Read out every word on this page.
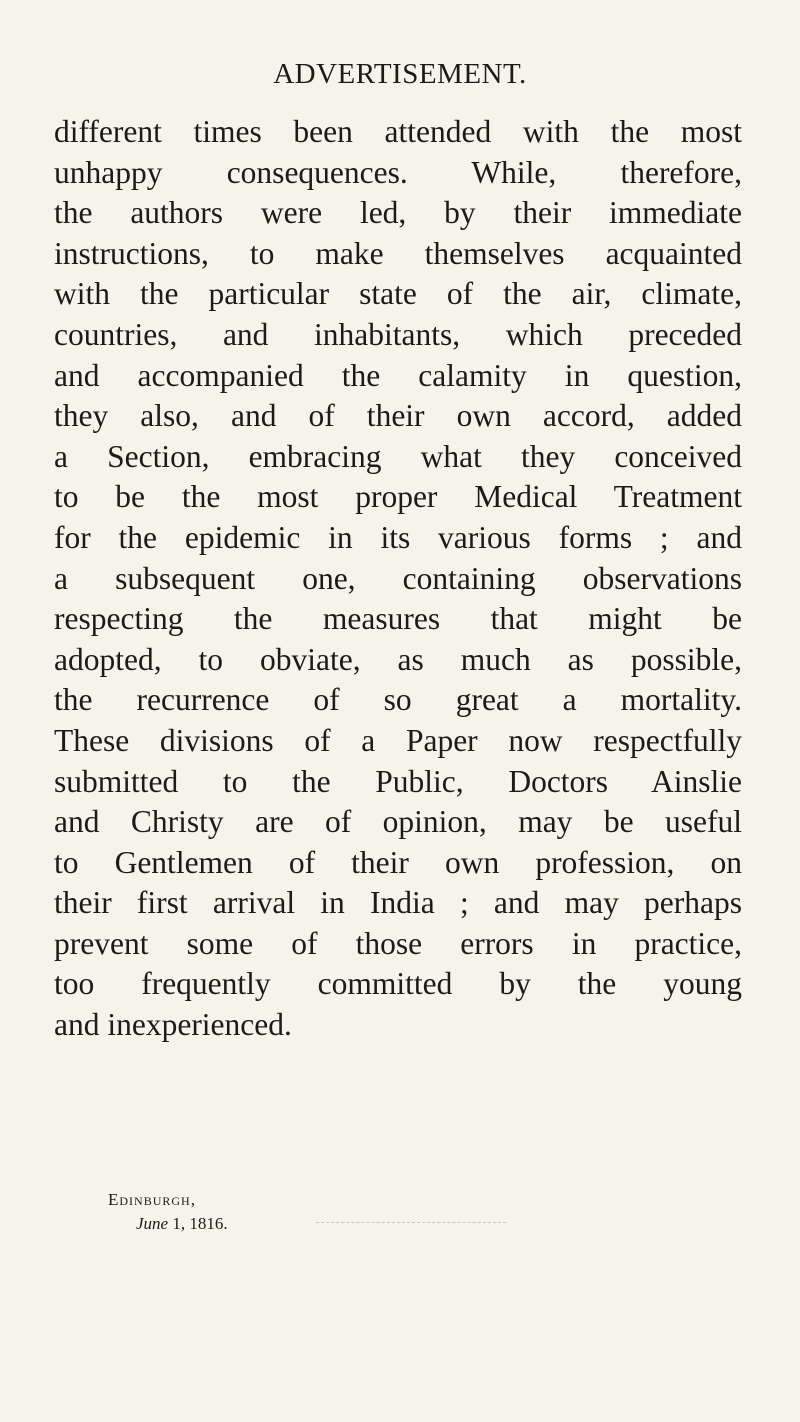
ADVERTISEMENT.
different times been attended with the most
unhappy consequences. While, therefore,
the authors were led, by their immediate
instructions, to make themselves acquainted
with the particular state of the air, climate,
countries, and inhabitants, which preceded
and accompanied the calamity in question,
they also, and of their own accord, added
a Section, embracing what they conceived
to be the most proper Medical Treatment
for the epidemic in its various forms ; and
a subsequent one, containing observations
respecting the measures that might be
adopted, to obviate, as much as possible,
the recurrence of so great a mortality.
These divisions of a Paper now respectfully
submitted to the Public, Doctors Ainslie
and Christy are of opinion, may be useful
to Gentlemen of their own profession, on
their first arrival in India ; and may perhaps
prevent some of those errors in practice,
too frequently committed by the young
and inexperienced.
Edinburgh,
June 1, 1816.
